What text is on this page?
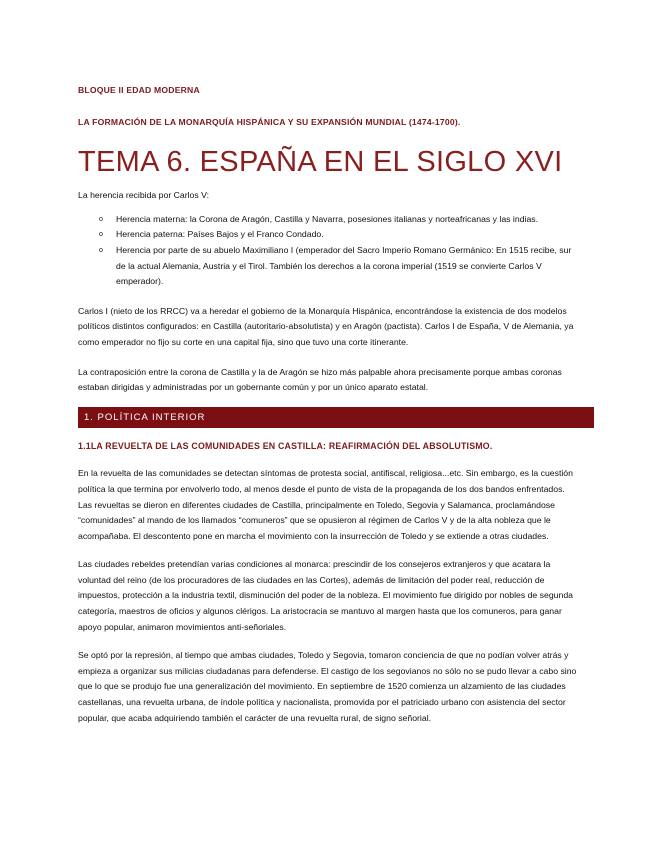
BLOQUE II EDAD MODERNA

LA FORMACIÓN DE LA MONARQUÍA HISPÁNICA Y SU EXPANSIÓN MUNDIAL (1474-1700).

TEMA 6. ESPAÑA EN EL SIGLO XVI

La herencia recibida por Carlos V:

o Herencia materna: la Corona de Aragón, Castilla y Navarra, posesiones italianas y norteafricanas y las indias.
o Herencia paterna: Países Bajos y el Franco Condado.
o Herencia por parte de su abuelo Maximiliano I (emperador del Sacro Imperio Romano Germánico: En 1515 recibe, sur de la actual Alemania, Austria y el Tirol. También los derechos a la corona imperial (1519 se convierte Carlos V emperador).

Carlos I (nieto de los RRCC) va a heredar el gobierno de la Monarquía Hispánica, encontrándose la existencia de dos modelos políticos distintos configurados: en Castilla (autoritario-absolutista) y en Aragón (pactista). Carlos I de España, V de Alemania, ya como emperador no fijo su corte en una capital fija, sino que tuvo una corte itinerante.

La contraposición entre la corona de Castilla y la de Aragón se hizo más palpable ahora precisamente porque ambas coronas estaban dirigidas y administradas por un gobernante común y por un único aparato estatal.

1. POLÍTICA INTERIOR

1.1LA REVUELTA DE LAS COMUNIDADES EN CASTILLA: REAFIRMACIÓN DEL ABSOLUTISMO.

En la revuelta de las comunidades se detectan síntomas de protesta social, antifiscal, religiosa...etc. Sin embargo, es la cuestión política la que termina por envolverlo todo, al menos desde el punto de vista de la propaganda de los dos bandos enfrentados. Las revueltas se dieron en diferentes ciudades de Castilla, principalmente en Toledo, Segovia y Salamanca, proclamándose “comunidades” al mando de los llamados “comuneros” que se opusieron al régimen de Carlos V y de la alta nobleza que le acompañaba. El descontento pone en marcha el movimiento con la insurrección de Toledo y se extiende a otras ciudades.

Las ciudades rebeldes pretendían varias condiciones al monarca: prescindir de los consejeros extranjeros y que acatara la voluntad del reino (de los procuradores de las ciudades en las Cortes), además de limitación del poder real, reducción de impuestos, protección a la industria textil, disminución del poder de la nobleza. El movimiento fue dirigido por nobles de segunda categoría, maestros de oficios y algunos clérigos. La aristocracia se mantuvo al margen hasta que los comuneros, para ganar apoyo popular, animaron movimientos anti-señoriales.

Se optó por la represión, al tiempo que ambas ciudades, Toledo y Segovia, tomaron conciencia de que no podían volver atrás y empieza a organizar sus milicias ciudadanas para defenderse. El castigo de los segovianos no sólo no se pudo llevar a cabo sino que lo que se produjo fue una generalización del movimiento. En septiembre de 1520 comienza un alzamiento de las ciudades castellanas, una revuelta urbana, de índole política y nacionalista, promovida por el patriciado urbano con asistencia del sector popular, que acaba adquiriendo también el carácter de una revuelta rural, de signo señorial.
